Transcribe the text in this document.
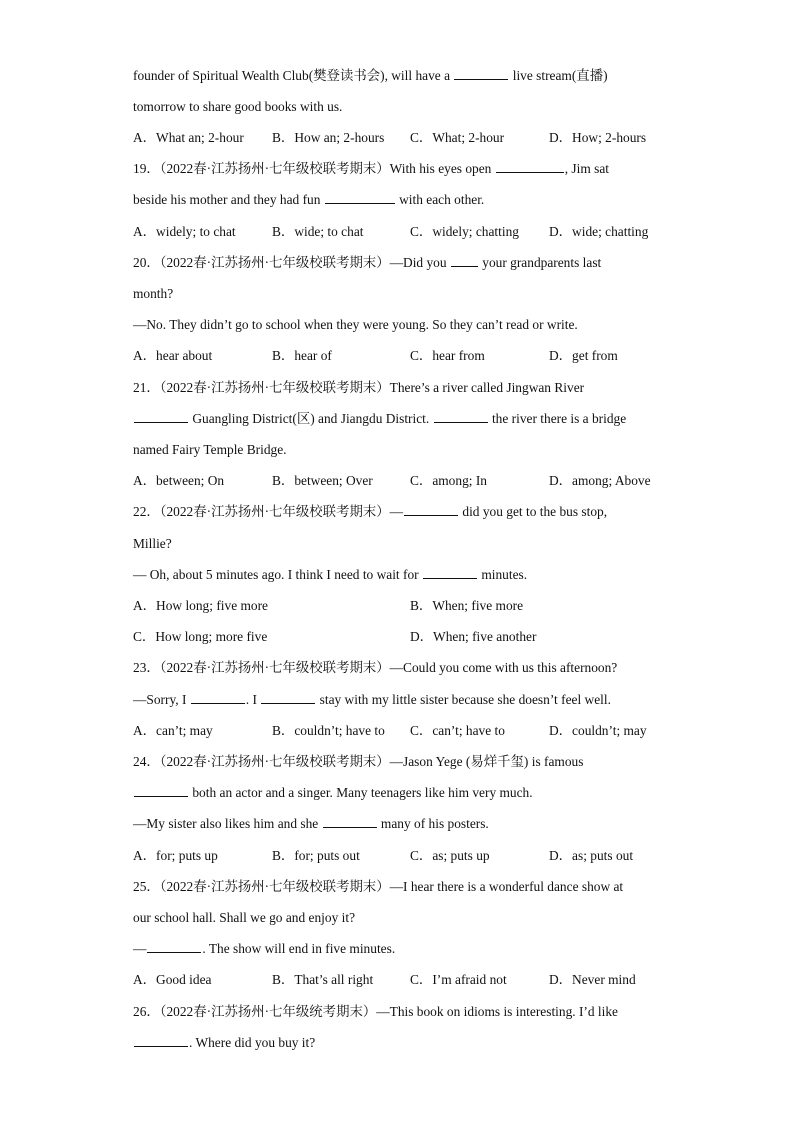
founder of Spiritual Wealth Club(樊登读书会), will have a	live stream(直播)
tomorrow to share good books with us.
A．What an; 2-hour B．How an; 2-hours C．What; 2-hour	D．How; 2-hours
19．（2022春·江苏扬州·七年级校联考期末）With his eyes open	, Jim sat
beside his mother and they had fun	with each other.
A．widely; to chat	B．wide; to chat	C．widely; chatting D．wide; chatting
20．（2022春·江苏扬州·七年级校联考期末）—Did you  your grandparents last
month?
—No. They didn’t go to school when they were young. So they can’t read or write.
A．hear about	B．hear of	C．hear from	D．get from
21．（2022春·江苏扬州·七年级校联考期末）There’s a river called Jingwan River
Guangling District(区) and Jiangdu District.	the river there is a bridge
named Fairy Temple Bridge.
A．between; On	B．between; Over	C．among; In	D．among; Above
22．（2022春·江苏扬州·七年级校联考期末）—	did you get to the bus stop,
Millie?
— Oh, about 5 minutes ago. I think I need to wait for	minutes.
A．How long; five more	B．When; five more
C．How long; more five	D．When; five another
23．（2022春·江苏扬州·七年级校联考期末）—Could you come with us this afternoon?
—Sorry, I	. I	stay with my little sister because she doesn’t feel well.
A．can’t; may	B．couldn’t; have to C．can’t; have to	D．couldn’t; may
24．（2022春·江苏扬州·七年级校联考期末）—Jason Yege (易烊千玺) is famous
both an actor and a singer. Many teenagers like him very much.
—My sister also likes him and she	many of his posters.
A．for; puts up	B．for; puts out	C．as; puts up	D．as; puts out
25．（2022春·江苏扬州·七年级校联考期末）—I hear there is a wonderful dance show at
our school hall. Shall we go and enjoy it?
—	. The show will end in five minutes.
A．Good idea	B．That’s all right	C．I’m afraid not	D．Never mind
26．（2022春·江苏扬州·七年级统考期末）—This book on idioms is interesting. I’d like
. Where did you buy it?
